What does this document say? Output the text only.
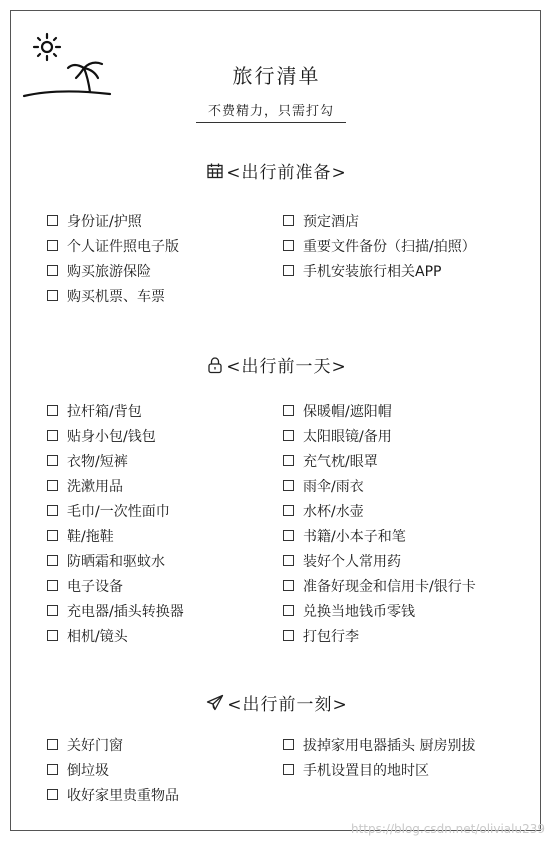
旅行清单
不费精力，只需打勾
<出行前准备>
身份证/护照
个人证件照电子版
购买旅游保险
购买机票、车票
预定酒店
重要文件备份（扫描/拍照）
手机安装旅行相关APP
<出行前一天>
拉杆箱/背包
贴身小包/钱包
衣物/短裤
洗漱用品
毛巾/一次性面巾
鞋/拖鞋
防晒霜和驱蚊水
电子设备
充电器/插头转换器
相机/镜头
保暖帽/遮阳帽
太阳眼镜/备用
充气枕/眼罩
雨伞/雨衣
水杯/水壶
书籍/小本子和笔
装好个人常用药
准备好现金和信用卡/银行卡
兑换当地钱币零钱
打包行李
<出行前一刻>
关好门窗
倒垃圾
收好家里贵重物品
拔掉家用电器插头 厨房别拔
手机设置目的地时区
https://blog.csdn.net/olivialu239
